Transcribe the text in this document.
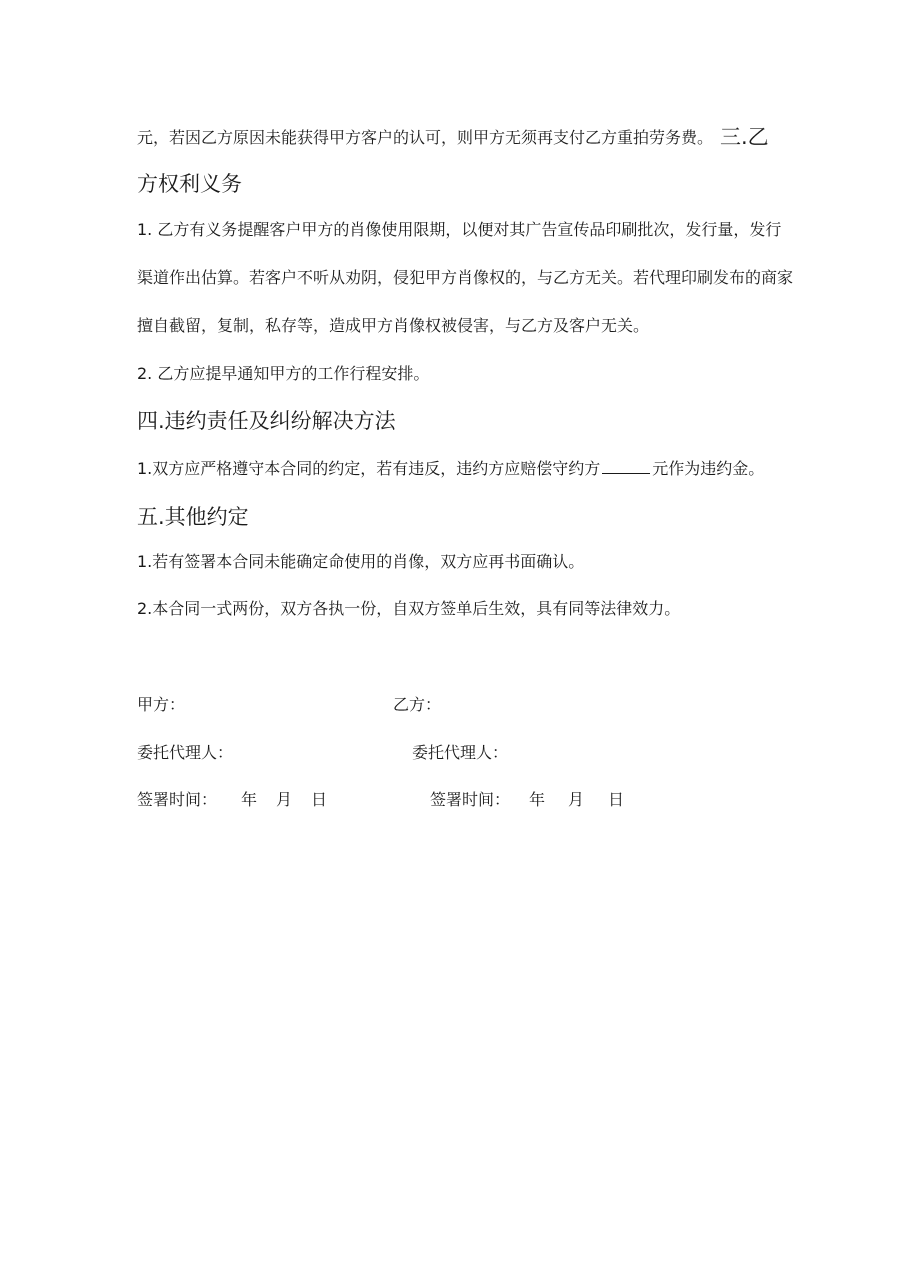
元，若因乙方原因未能获得甲方客户的认可，则甲方无须再支付乙方重拍劳务费。 三.乙
方权利义务
1. 乙方有义务提醒客户甲方的肖像使用限期，以便对其广告宣传品印刷批次，发行量，发行
渠道作出估算。若客户不听从劝阴，侵犯甲方肖像权的，与乙方无关。若代理印刷发布的商家
擅自截留，复制，私存等，造成甲方肖像权被侵害，与乙方及客户无关。
2. 乙方应提早通知甲方的工作行程安排。
四.违约责任及纠纷解决方法
1.双方应严格遵守本合同的约定，若有违反，违约方应赔偿守约方	元作为违约金。
五.其他约定
1.若有签署本合同未能确定命使用的肖像，双方应再书面确认。
2.本合同一式两份，双方各执一份，自双方签单后生效，具有同等法律效力。
甲方：	乙方：
委托代理人：	委托代理人：
签署时间： 年 月 日	签署时间： 年 月 日
